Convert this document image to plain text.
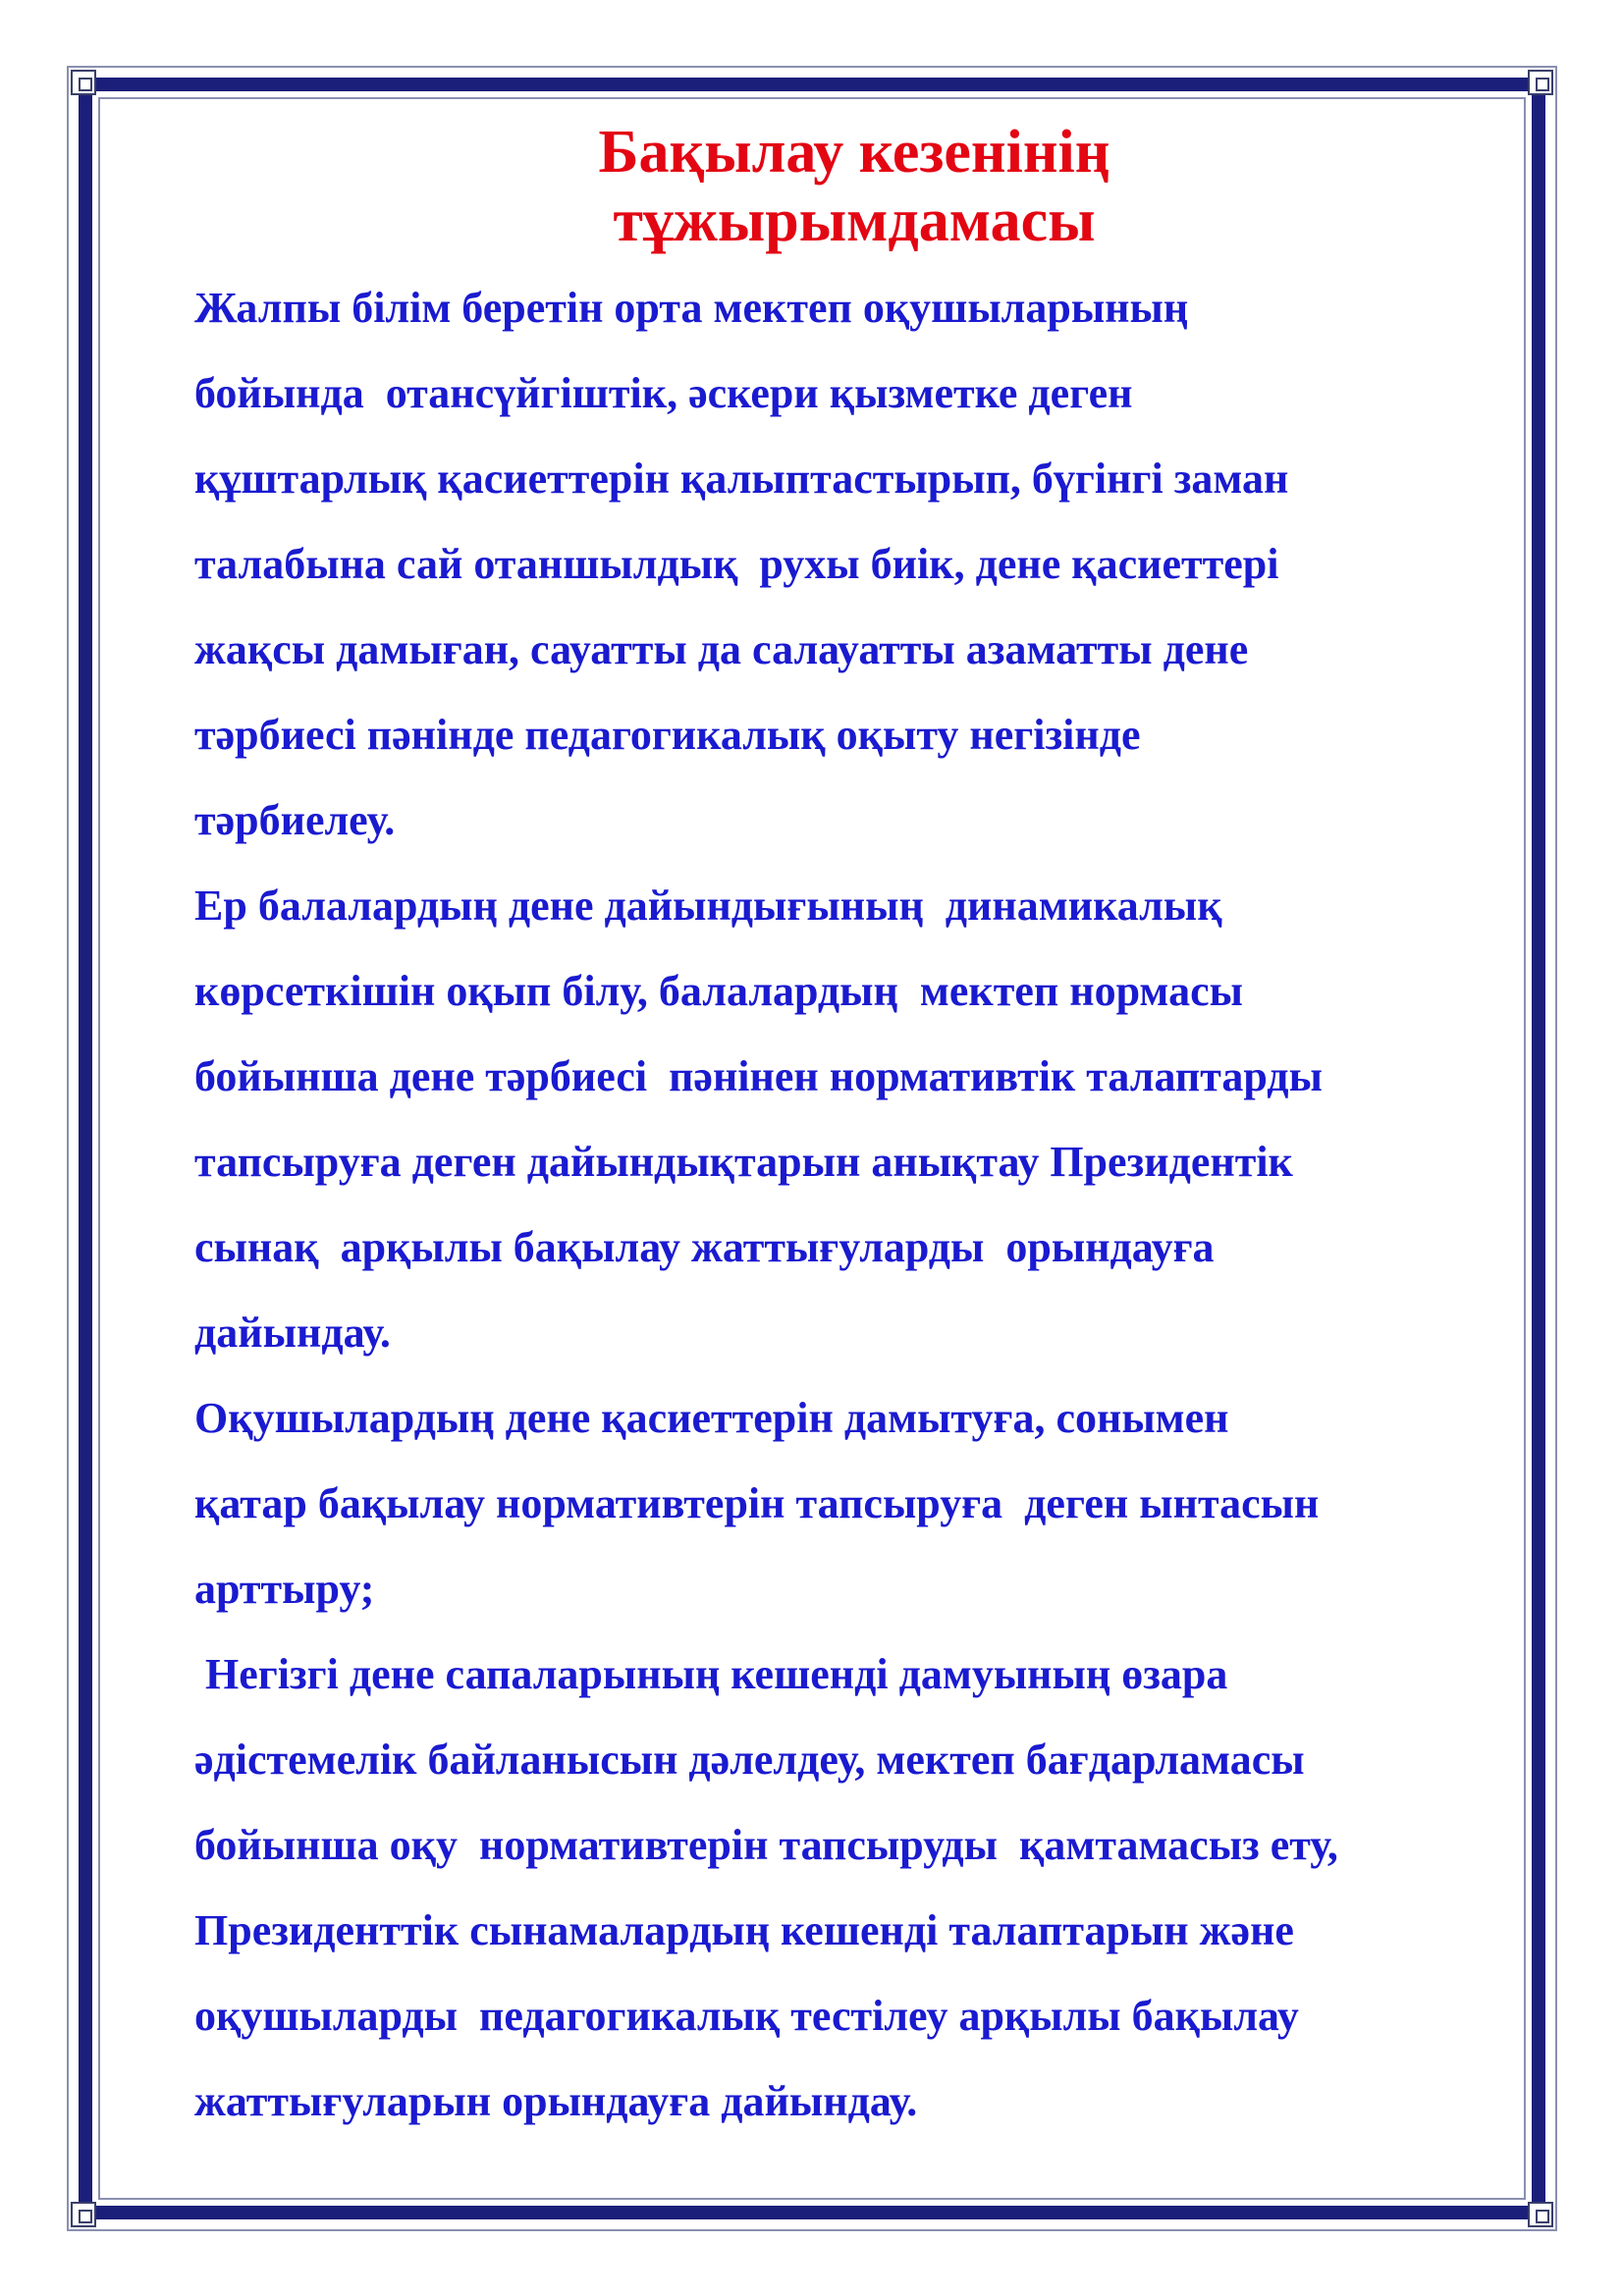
Бақылау кезенінің
тұжырымдамасы
Жалпы білім беретін орта мектеп оқушыларының
бойында  отансүйгіштік, әскери қызметке деген
құштарлық қасиеттерін қалыптастырып, бүгінгі заман
талабына сай отаншылдық  рухы биік, дене қасиеттері
жақсы дамыған, сауатты да салауатты азаматты дене
тәрбиесі пәнінде педагогикалық оқыту негізінде
тәрбиелеу.
Ер балалардың дене дайындығының  динамикалық
көрсеткішін оқып білу, балалардың  мектеп нормасы
бойынша дене тәрбиесі  пәнінен нормативтік талаптарды
тапсыруға деген дайындықтарын анықтау Президентік
сынақ  арқылы бақылау жаттығуларды  орындауға
дайындау.
Оқушылардың дене қасиеттерін дамытуға, сонымен
қатар бақылау нормативтерін тапсыруға  деген ынтасын
арттыру;
Негізгі дене сапаларының кешенді дамуының өзара
әдістемелік байланысын дәлелдеу, мектеп бағдарламасы
бойынша оқу  нормативтерін тапсыруды  қамтамасыз ету,
Президенттік сынамалардың кешенді талаптарын және
оқушыларды  педагогикалық тестілеу арқылы бақылау
жаттығуларын орындауға дайындау.
